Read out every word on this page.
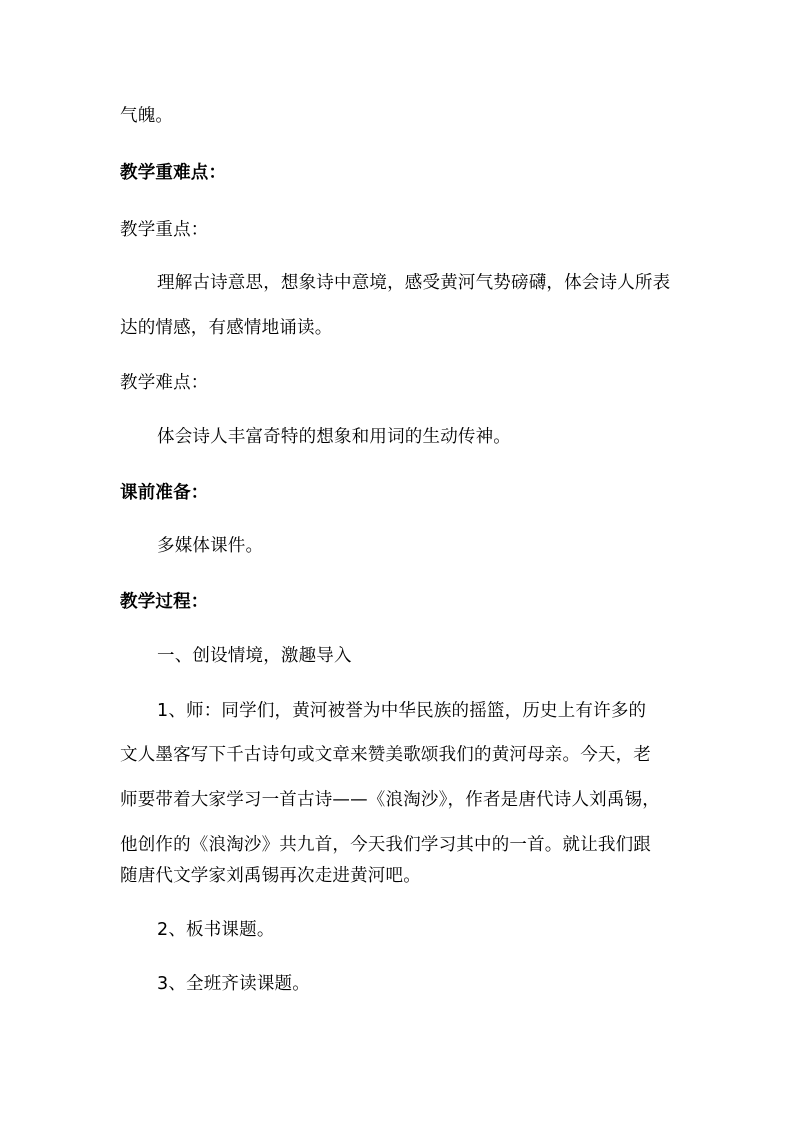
气魄。
教学重难点：
教学重点：
理解古诗意思，想象诗中意境，感受黄河气势磅礴，体会诗人所表
达的情感，有感情地诵读。
教学难点：
体会诗人丰富奇特的想象和用词的生动传神。
课前准备：
多媒体课件。
教学过程：
一、创设情境，激趣导入
1、师：同学们，黄河被誉为中华民族的摇篮，历史上有许多的
文人墨客写下千古诗句或文章来赞美歌颂我们的黄河母亲。今天，老
师要带着大家学习一首古诗——《浪淘沙》，作者是唐代诗人刘禹锡，
他创作的《浪淘沙》共九首，今天我们学习其中的一首。就让我们跟
随唐代文学家刘禹锡再次走进黄河吧。
2、板书课题。
3、全班齐读课题。
